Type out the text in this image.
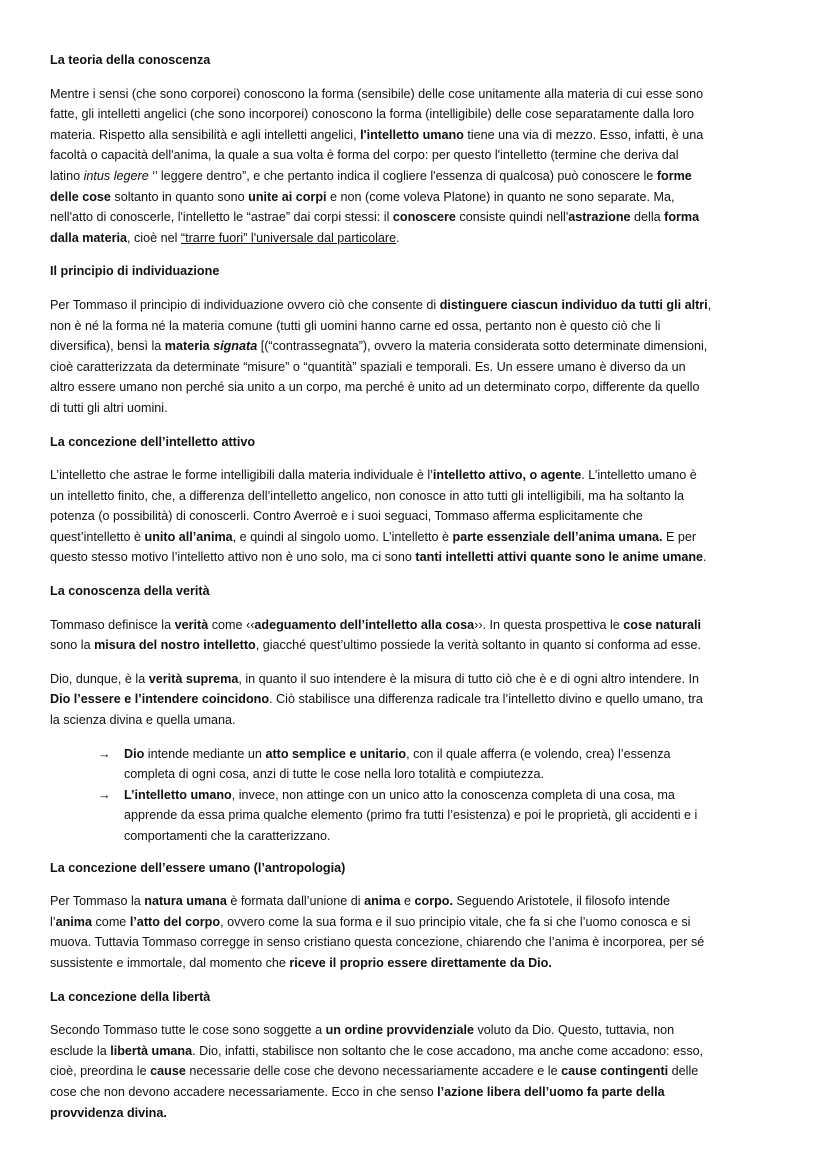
La teoria della conoscenza
Mentre i sensi (che sono corporei) conoscono la forma (sensibile) delle cose unitamente alla materia di cui esse sono
fatte, gli intelletti angelici (che sono incorporei) conoscono la forma (intelligibile) delle cose separatamente dalla loro
materia. Rispetto alla sensibilità e agli intelletti angelici, l'intelletto umano tiene una via di mezzo. Esso, infatti, è una
facoltà o capacità dell'anima, la quale a sua volta è forma del corpo: per questo l'intelletto (termine che deriva dal
latino intus legere ‘’ leggere dentro”, e che pertanto indica il cogliere l'essenza di qualcosa) può conoscere le forme
delle cose soltanto in quanto sono unite ai corpi e non (come voleva Platone) in quanto ne sono separate. Ma,
nell'atto di conoscerle, l'intelletto le “astrae” dai corpi stessi: il conoscere consiste quindi nell'astrazione della forma
dalla materia, cioè nel “trarre fuori” l'universale dal particolare.
Il principio di individuazione
Per Tommaso il principio di individuazione ovvero ciò che consente di distinguere ciascun individuo da tutti gli altri,
non è né la forma né la materia comune (tutti gli uomini hanno carne ed ossa, pertanto non è questo ciò che li
diversifica), bensì la materia signata [(“contrassegnata”), ovvero la materia considerata sotto determinate dimensioni,
cioè caratterizzata da determinate “misure” o “quantità” spaziali e temporali. Es. Un essere umano è diverso da un
altro essere umano non perché sia unito a un corpo, ma perché è unito ad un determinato corpo, differente da quello
di tutti gli altri uomini.
La concezione dell’intelletto attivo
L’intelletto che astrae le forme intelligibili dalla materia individuale è l’intelletto attivo, o agente. L’intelletto umano è
un intelletto finito, che, a differenza dell’intelletto angelico, non conosce in atto tutti gli intelligibili, ma ha soltanto la
potenza (o possibilità) di conoscerli. Contro Averroè e i suoi seguaci, Tommaso afferma esplicitamente che
quest’intelletto è unito all’anima, e quindi al singolo uomo. L’intelletto è parte essenziale dell’anima umana. E per
questo stesso motivo l’intelletto attivo non è uno solo, ma ci sono tanti intelletti attivi quante sono le anime umane.
La conoscenza della verità
Tommaso definisce la verità come ‹‹adeguamento dell’intelletto alla cosa››. In questa prospettiva le cose naturali
sono la misura del nostro intelletto, giacché quest’ultimo possiede la verità soltanto in quanto si conforma ad esse.
Dio, dunque, è la verità suprema, in quanto il suo intendere è la misura di tutto ciò che è e di ogni altro intendere. In
Dio l’essere e l’intendere coincidono. Ciò stabilisce una differenza radicale tra l’intelletto divino e quello umano, tra
la scienza divina e quella umana.
→ Dio intende mediante un atto semplice e unitario, con il quale afferra (e volendo, crea) l’essenza
completa di ogni cosa, anzi di tutte le cose nella loro totalità e compiutezza.
→ L’intelletto umano, invece, non attinge con un unico atto la conoscenza completa di una cosa, ma
apprende da essa prima qualche elemento (primo fra tutti l’esistenza) e poi le proprietà, gli accidenti e i
comportamenti che la caratterizzano.
La concezione dell’essere umano (l’antropologia)
Per Tommaso la natura umana è formata dall’unione di anima e corpo. Seguendo Aristotele, il filosofo intende
l’anima come l’atto del corpo, ovvero come la sua forma e il suo principio vitale, che fa si che l’uomo conosca e si
muova. Tuttavia Tommaso corregge in senso cristiano questa concezione, chiarendo che l’anima è incorporea, per sé
sussistente e immortale, dal momento che riceve il proprio essere direttamente da Dio.
La concezione della libertà
Secondo Tommaso tutte le cose sono soggette a un ordine provvidenziale voluto da Dio. Questo, tuttavia, non
esclude la libertà umana. Dio, infatti, stabilisce non soltanto che le cose accadono, ma anche come accadono: esso,
cioè, preordina le cause necessarie delle cose che devono necessariamente accadere e le cause contingenti delle
cose che non devono accadere necessariamente. Ecco in che senso l’azione libera dell’uomo fa parte della
provvidenza divina.
